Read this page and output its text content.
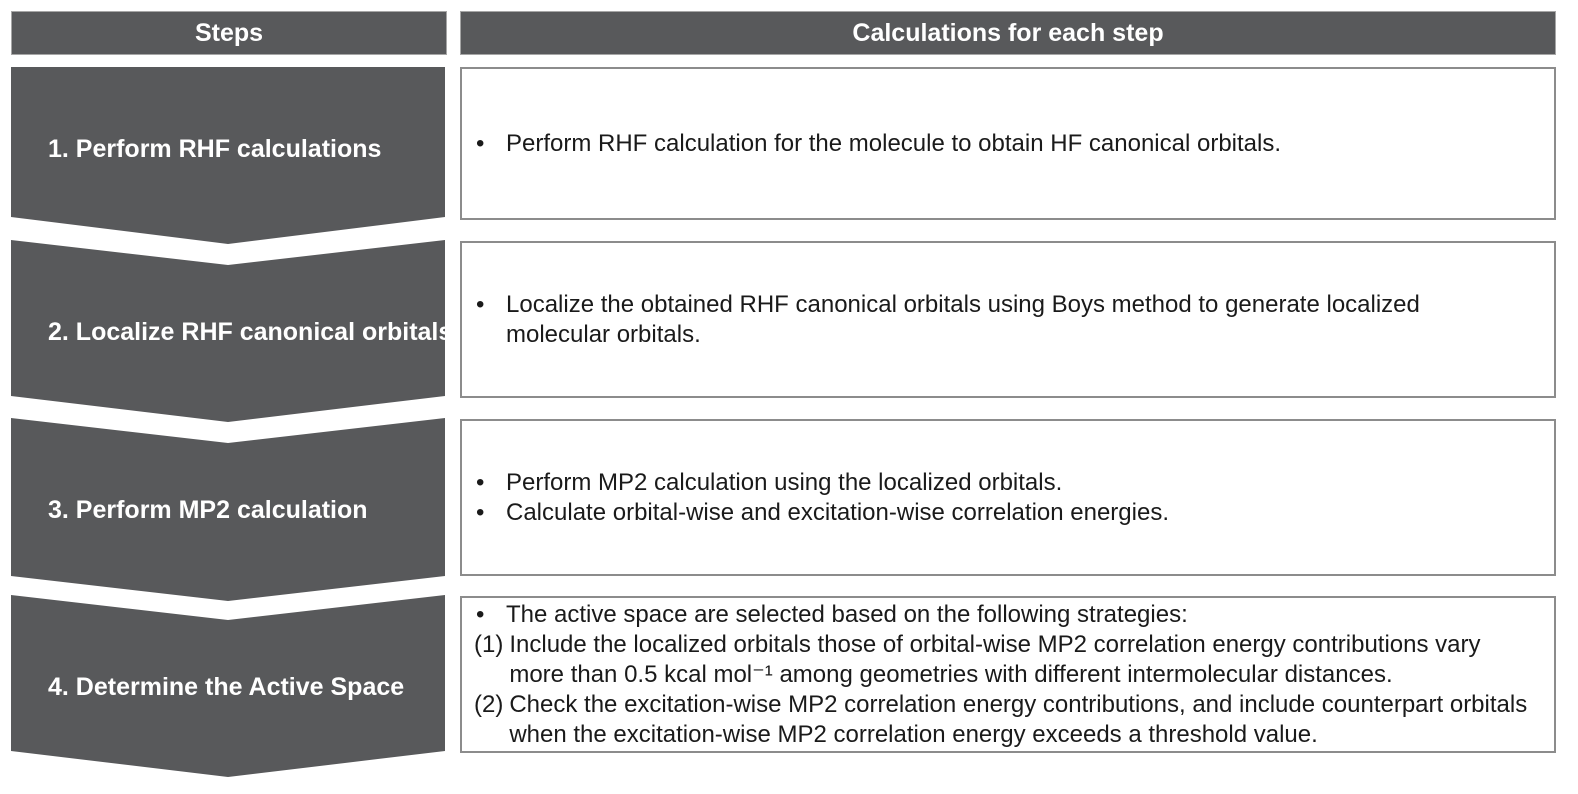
Steps	Calculations for each step
1. Perform RHF calculations	• Perform RHF calculation for the molecule to obtain HF canonical orbitals.
2. Localize RHF canonical orbitals
• Localize the obtained RHF canonical orbitals using Boys method to generate localized molecular orbitals.
3. Perform MP2 calculation
• Perform MP2 calculation using the localized orbitals.
• Calculate orbital-wise and excitation-wise correlation energies.
4. Determine the Active Space
• The active space are selected based on the following strategies:
(1) Include the localized orbitals those of orbital-wise MP2 correlation energy contributions vary more than 0.5 kcal mol⁻¹ among geometries with different intermolecular distances.
(2) Check the excitation-wise MP2 correlation energy contributions, and include counterpart orbitals when the excitation-wise MP2 correlation energy exceeds a threshold value.
